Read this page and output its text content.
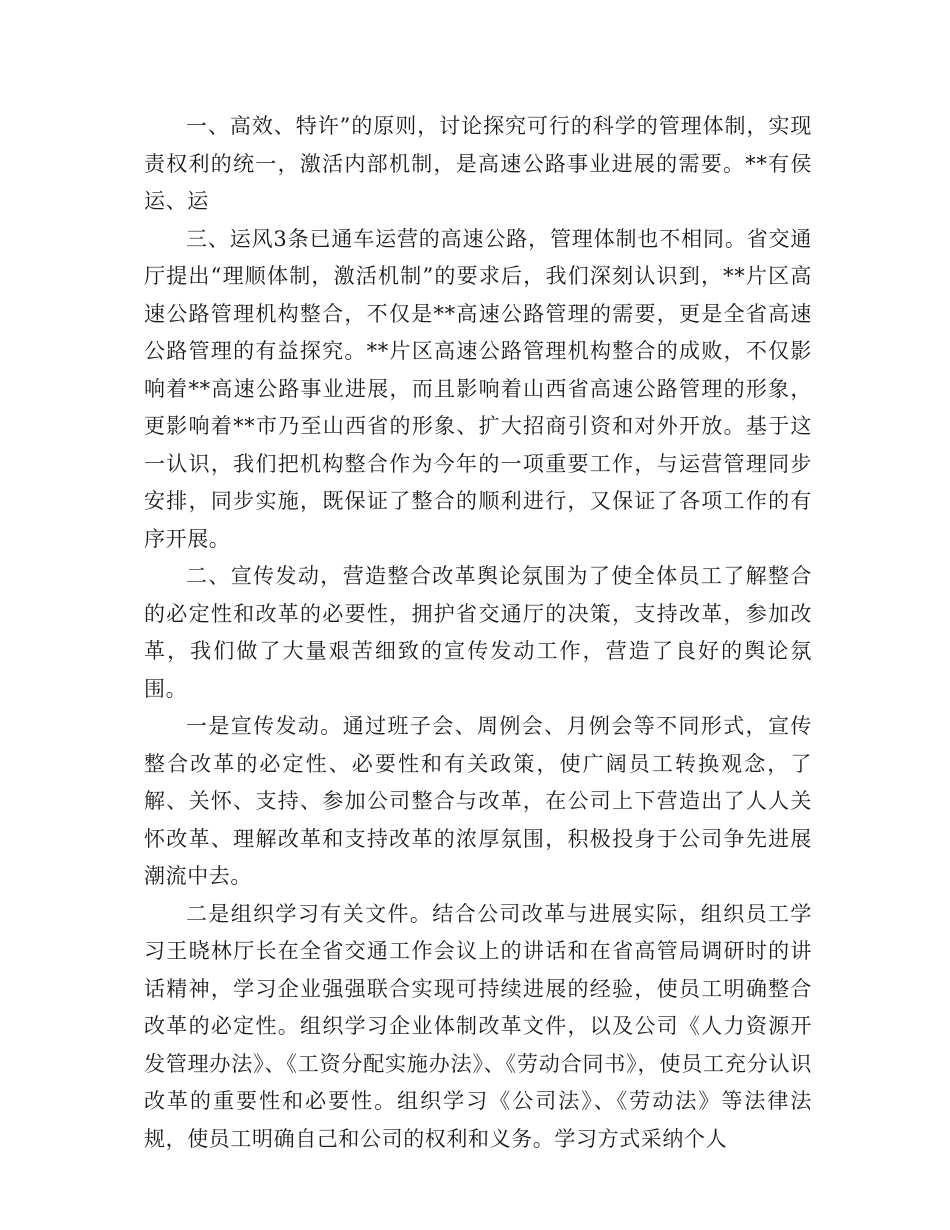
一、高效、特许”的原则，讨论探究可行的科学的管理体制，实现责权利的统一，激活内部机制，是高速公路事业进展的需要。**有侯运、运

三、运风3条已通车运营的高速公路，管理体制也不相同。省交通厅提出“理顺体制，激活机制”的要求后，我们深刻认识到，**片区高速公路管理机构整合，不仅是**高速公路管理的需要，更是全省高速公路管理的有益探究。**片区高速公路管理机构整合的成败，不仅影响着**高速公路事业进展，而且影响着山西省高速公路管理的形象，更影响着**市乃至山西省的形象、扩大招商引资和对外开放。基于这一认识，我们把机构整合作为今年的一项重要工作，与运营管理同步安排，同步实施，既保证了整合的顺利进行，又保证了各项工作的有序开展。

二、宣传发动，营造整合改革舆论氛围为了使全体员工了解整合的必定性和改革的必要性，拥护省交通厅的决策，支持改革，参加改革，我们做了大量艰苦细致的宣传发动工作，营造了良好的舆论氛围。

一是宣传发动。通过班子会、周例会、月例会等不同形式，宣传整合改革的必定性、必要性和有关政策，使广阔员工转换观念，了解、关怀、支持、参加公司整合与改革，在公司上下营造出了人人关怀改革、理解改革和支持改革的浓厚氛围，积极投身于公司争先进展潮流中去。

二是组织学习有关文件。结合公司改革与进展实际，组织员工学习王晓林厅长在全省交通工作会议上的讲话和在省高管局调研时的讲话精神，学习企业强强联合实现可持续进展的经验，使员工明确整合改革的必定性。组织学习企业体制改革文件，以及公司《人力资源开发管理办法》、《工资分配实施办法》、《劳动合同书》，使员工充分认识改革的重要性和必要性。组织学习《公司法》、《劳动法》等法律法规，使员工明确自己和公司的权利和义务。学习方式采纳个人
